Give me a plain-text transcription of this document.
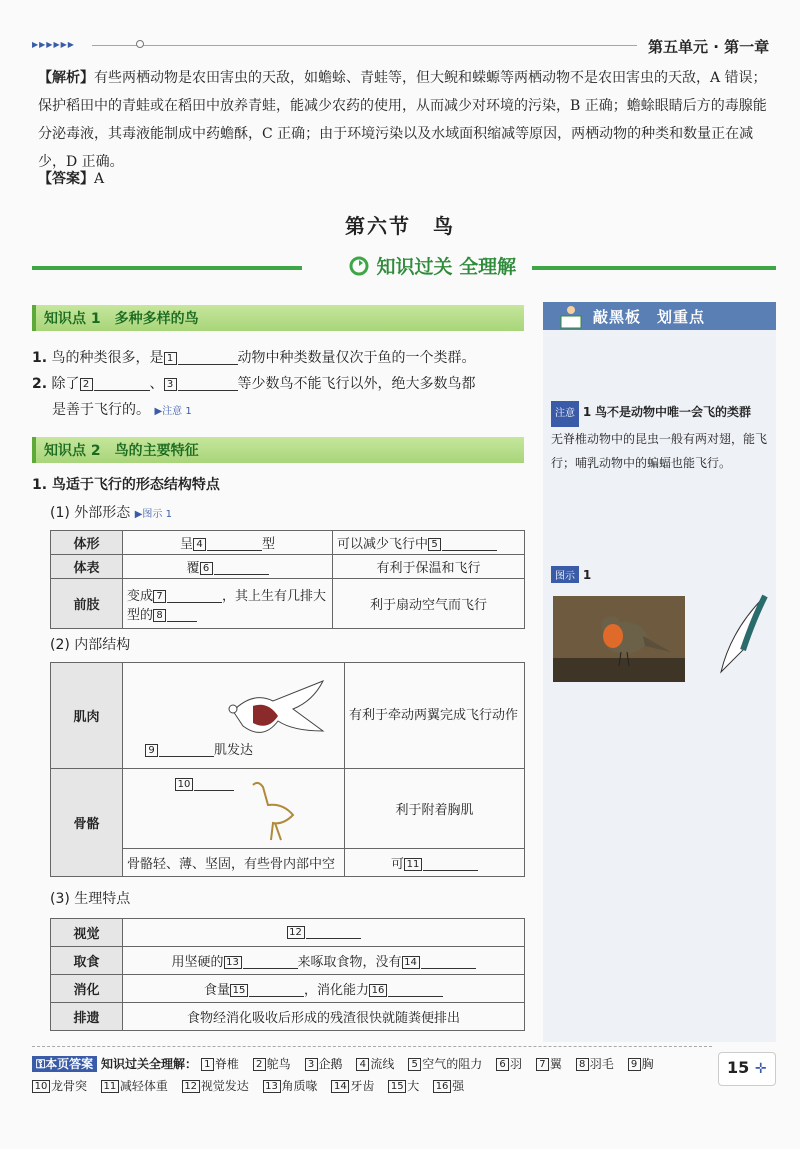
▶▶▶▶▶▶	第五单元 · 第一章
【解析】有些两栖动物是农田害虫的天敌，如蟾蜍、青蛙等，但大鲵和蝾螈等两栖动物不是农田害虫的天敌，A 错误；保护稻田中的青蛙或在稻田中放养青蛙，能减少农药的使用，从而减少对环境的污染，B 正确；蟾蜍眼睛后方的毒腺能分泌毒液，其毒液能制成中药蟾酥，C 正确；由于环境污染以及水域面积缩减等原因，两栖动物的种类和数量正在减少，D 正确。
【答案】A
第六节　鸟
知识过关 全理解
知识点 1　多种多样的鸟
1. 鸟的种类很多，是 1	动物中种类数量仅次于鱼的一个类群。
2. 除了 2	、 3	等少数鸟不能飞行以外，绝大多数鸟都
是善于飞行的。 ▶注意 1
知识点 2　鸟的主要特征
1. 鸟适于飞行的形态结构特点
(1) 外部形态 ▶图示 1
体形	呈 4 型	可以减少飞行中 5
体表	覆 6	有利于保温和飞行
前肢	变成 7 ，其上生有几排大型的 8	利于扇动空气而飞行
(2) 内部结构
肌肉	9 肌发达	有利于牵动两翼完成飞行动作
骨骼	10	利于附着胸肌
	骨骼轻、薄、坚固，有些骨内部中空	可 11
(3) 生理特点
视觉	12
取食	用坚硬的 13 来啄取食物，没有 14
消化	食量 15 ，消化能力 16
排遗	食物经消化吸收后形成的残渣很快就随粪便排出
敲黑板　划重点
注意 1 鸟不是动物中唯一会飞的类群
无脊椎动物中的昆虫一般有两对翅，能飞行；哺乳动物中的蝙蝠也能飞行。
图示 1
⚿本页答案 知识过关全理解： 1 脊椎 2 鸵鸟 3 企鹅 4 流线 5 空气的阻力 6 羽 7 翼 8 羽毛 9 胸 10 龙骨突 11 减轻体重 12 视觉发达 13 角质喙 14 牙齿 15 大 16 强
15 ✛
